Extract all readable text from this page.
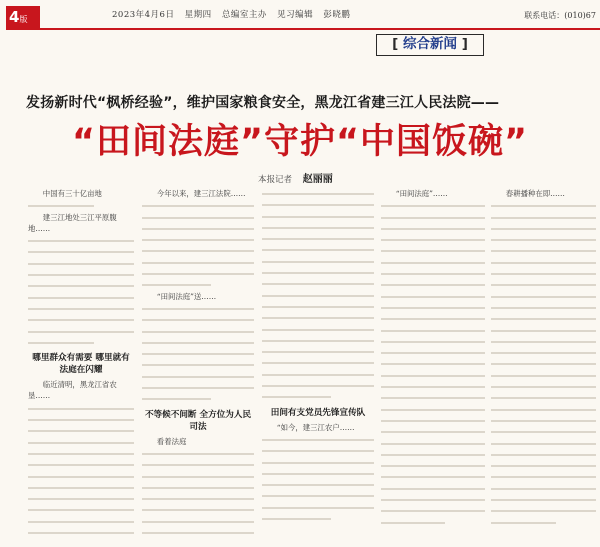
4版	2023年4月6日 星期四 总编室主办 见习编辑 彭晓鹏	联系电话：(010)67
[ 综合新闻 ]
发扬新时代“枫桥经验”，维护国家粮食安全，黑龙江省建三江人民法院——
“田间法庭”守护“中国饭碗”
本报记者 赵丽丽

中国有三十亿亩地

建三江地处三江平原腹地……

哪里群众有需要 哪里就有法庭在闪耀

临近清明，黑龙江省农垦……

今年以来，建三江法院……

“田间法庭”送……

不等候不间断 全方位为人民司法

看着法庭

田间有支党员先锋宣传队

“如今，建三江农户……

“田间法庭”……	春耕播种在即……
